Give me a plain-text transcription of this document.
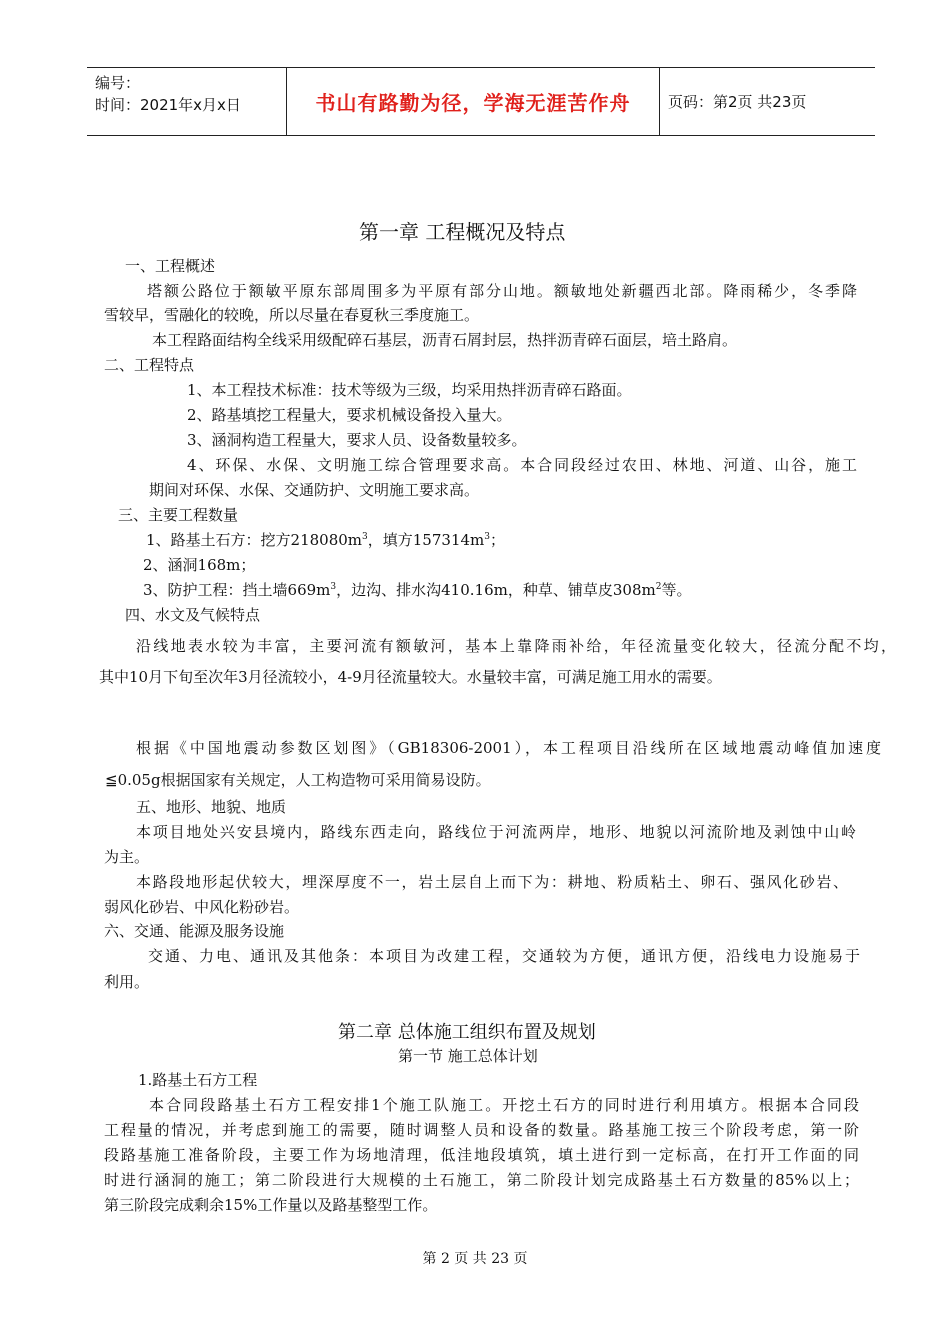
编号：
时间：2021年x月x日	书山有路勤为径，学海无涯苦作舟	页码：第2页 共23页
第一章 工程概况及特点
一、工程概述
塔额公路位于额敏平原东部周围多为平原有部分山地。额敏地处新疆西北部。降雨稀少，冬季降
雪较早，雪融化的较晚，所以尽量在春夏秋三季度施工。
本工程路面结构全线采用级配碎石基层，沥青石屑封层，热拌沥青碎石面层，培土路肩。
二、工程特点
1、本工程技术标准：技术等级为三级，均采用热拌沥青碎石路面。
2、路基填挖工程量大，要求机械设备投入量大。
3、涵洞构造工程量大，要求人员、设备数量较多。
4、环保、水保、文明施工综合管理要求高。本合同段经过农田、林地、河道、山谷，施工
期间对环保、水保、交通防护、文明施工要求高。
三、主要工程数量
1、路基土石方：挖方$218080m^3$，填方$157314m^3$；
2、涵洞168m；
3、防护工程：挡土墙$669m^3$，边沟、排水沟410.16m，种草、铺草皮$308m^2$等。
四、水文及气候特点
沿线地表水较为丰富，主要河流有额敏河，基本上靠降雨补给，年径流量变化较大，径流分配不均，
其中10月下旬至次年3月径流较小，4-9月径流量较大。水量较丰富，可满足施工用水的需要。
根据《中国地震动参数区划图》（GB18306-2001），本工程项目沿线所在区域地震动峰值加速度
≦0.05g根据国家有关规定，人工构造物可采用简易设防。
五、地形、地貌、地质
本项目地处兴安县境内，路线东西走向，路线位于河流两岸，地形、地貌以河流阶地及剥蚀中山岭
为主。
本路段地形起伏较大，埋深厚度不一，岩土层自上而下为：耕地、粉质粘土、卵石、强风化砂岩、
弱风化砂岩、中风化粉砂岩。
六、交通、能源及服务设施
交通、力电、通讯及其他条：本项目为改建工程，交通较为方便，通讯方便，沿线电力设施易于
利用。
第二章 总体施工组织布置及规划
第一节 施工总体计划
1.路基土石方工程
本合同段路基土石方工程安排1个施工队施工。开挖土石方的同时进行利用填方。根据本合同段
工程量的情况，并考虑到施工的需要，随时调整人员和设备的数量。路基施工按三个阶段考虑，第一阶
段路基施工准备阶段，主要工作为场地清理，低洼地段填筑，填土进行到一定标高，在打开工作面的同
时进行涵洞的施工；第二阶段进行大规模的土石施工，第二阶段计划完成路基土石方数量的85%以上；
第三阶段完成剩余15%工作量以及路基整型工作。
第 2 页 共 23 页
